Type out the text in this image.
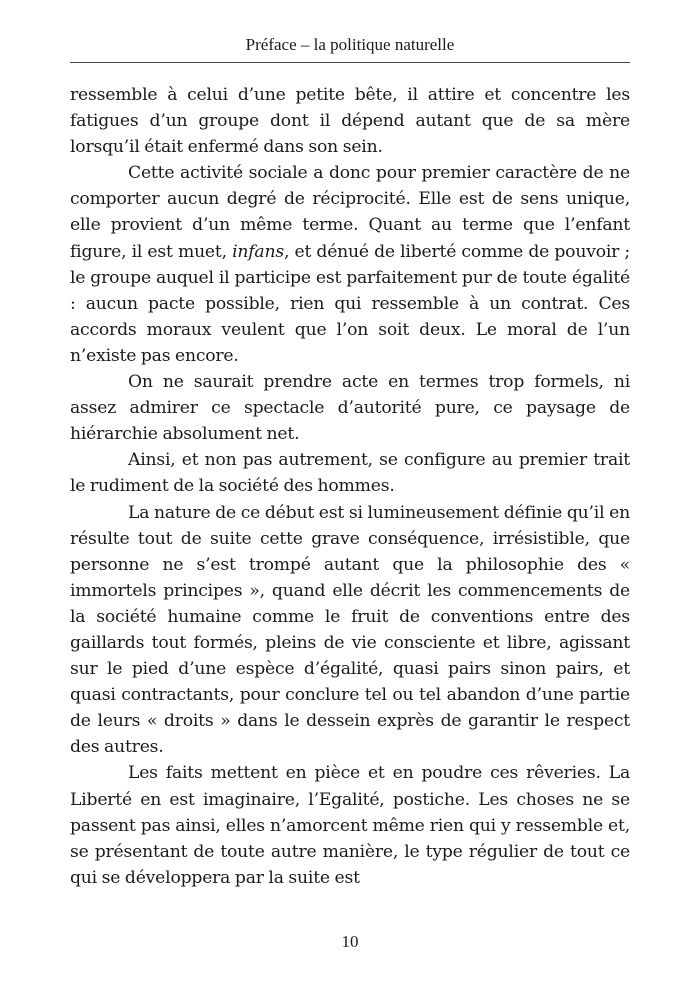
Préface – la politique naturelle

ressemble à celui d’une petite bête, il attire et concentre les fatigues d’un groupe dont il dépend autant que de sa mère lorsqu’il était enfermé dans son sein.

Cette activité sociale a donc pour premier caractère de ne comporter aucun degré de réciprocité. Elle est de sens unique, elle provient d’un même terme. Quant au terme que l’enfant figure, il est muet, infans, et dénué de liberté comme de pouvoir ; le groupe auquel il participe est parfaitement pur de toute égalité : aucun pacte possible, rien qui ressemble à un contrat. Ces accords moraux veulent que l’on soit deux. Le moral de l’un n’existe pas encore.

On ne saurait prendre acte en termes trop formels, ni assez admirer ce spectacle d’autorité pure, ce paysage de hiérarchie absolument net.

Ainsi, et non pas autrement, se configure au premier trait le rudiment de la société des hommes.

La nature de ce début est si lumineusement définie qu’il en résulte tout de suite cette grave conséquence, irrésistible, que personne ne s’est trompé autant que la philosophie des « immortels principes », quand elle décrit les commencements de la société humaine comme le fruit de conventions entre des gaillards tout formés, pleins de vie consciente et libre, agissant sur le pied d’une espèce d’égalité, quasi pairs sinon pairs, et quasi contractants, pour conclure tel ou tel abandon d’une partie de leurs « droits » dans le dessein exprès de garantir le respect des autres.

Les faits mettent en pièce et en poudre ces rêveries. La Liberté en est imaginaire, l’Egalité, postiche. Les choses ne se passent pas ainsi, elles n’amorcent même rien qui y ressemble et, se présentant de toute autre manière, le type régulier de tout ce qui se développera par la suite est

10
